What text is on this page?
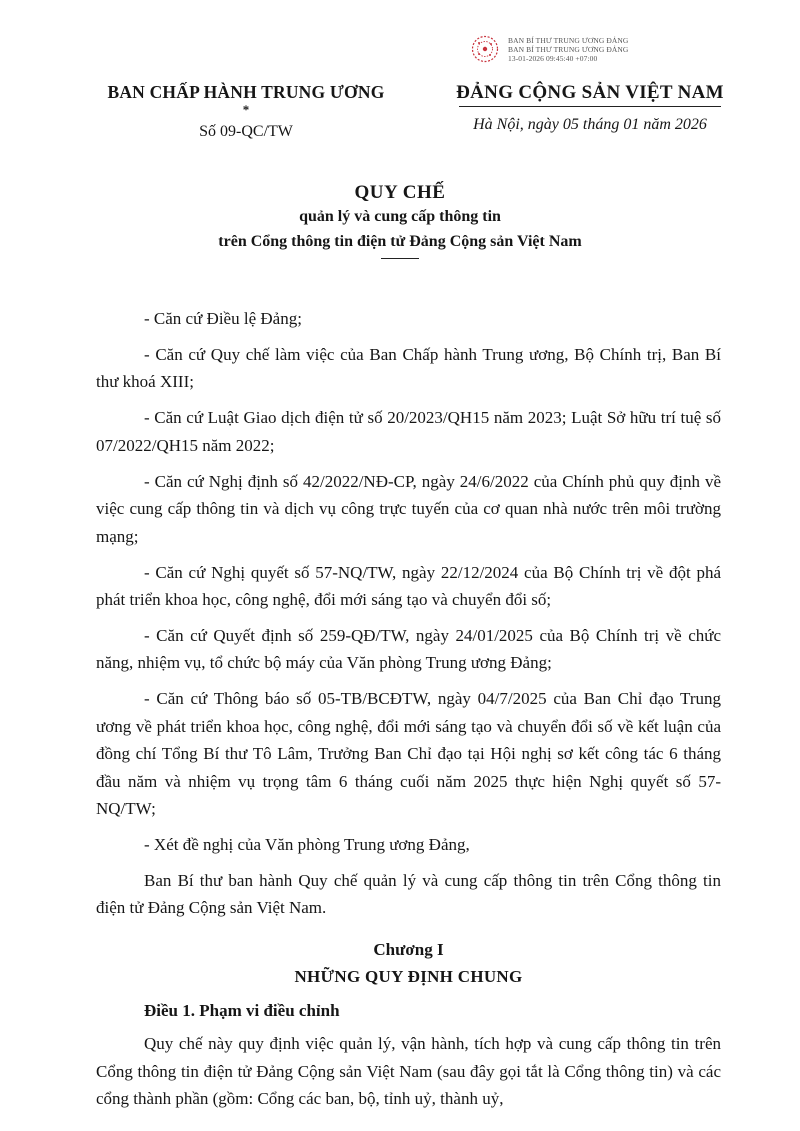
BAN BÍ THƯ TRUNG ƯƠNG ĐẢNG
BAN BÍ THƯ TRUNG ƯƠNG ĐẢNG
13-01-2026 09:45:40 +07:00
BAN CHẤP HÀNH TRUNG ƯƠNG
*
Số 09-QC/TW
ĐẢNG CỘNG SẢN VIỆT NAM
Hà Nội, ngày 05 tháng 01 năm 2026
QUY CHẾ
quản lý và cung cấp thông tin
trên Cổng thông tin điện tử Đảng Cộng sản Việt Nam

- Căn cứ Điều lệ Đảng;

- Căn cứ Quy chế làm việc của Ban Chấp hành Trung ương, Bộ Chính trị, Ban Bí thư khoá XIII;

- Căn cứ Luật Giao dịch điện tử số 20/2023/QH15 năm 2023; Luật Sở hữu trí tuệ số 07/2022/QH15 năm 2022;

- Căn cứ Nghị định số 42/2022/NĐ-CP, ngày 24/6/2022 của Chính phủ quy định về việc cung cấp thông tin và dịch vụ công trực tuyến của cơ quan nhà nước trên môi trường mạng;

- Căn cứ Nghị quyết số 57-NQ/TW, ngày 22/12/2024 của Bộ Chính trị về đột phá phát triển khoa học, công nghệ, đổi mới sáng tạo và chuyển đổi số;

- Căn cứ Quyết định số 259-QĐ/TW, ngày 24/01/2025 của Bộ Chính trị về chức năng, nhiệm vụ, tổ chức bộ máy của Văn phòng Trung ương Đảng;

- Căn cứ Thông báo số 05-TB/BCĐTW, ngày 04/7/2025 của Ban Chỉ đạo Trung ương về phát triển khoa học, công nghệ, đổi mới sáng tạo và chuyển đổi số về kết luận của đồng chí Tổng Bí thư Tô Lâm, Trưởng Ban Chỉ đạo tại Hội nghị sơ kết công tác 6 tháng đầu năm và nhiệm vụ trọng tâm 6 tháng cuối năm 2025 thực hiện Nghị quyết số 57-NQ/TW;

- Xét đề nghị của Văn phòng Trung ương Đảng,

Ban Bí thư ban hành Quy chế quản lý và cung cấp thông tin trên Cổng thông tin điện tử Đảng Cộng sản Việt Nam.

Chương I
NHỮNG QUY ĐỊNH CHUNG
Điều 1. Phạm vi điều chỉnh

Quy chế này quy định việc quản lý, vận hành, tích hợp và cung cấp thông tin trên Cổng thông tin điện tử Đảng Cộng sản Việt Nam (sau đây gọi tắt là Cổng thông tin) và các cổng thành phần (gồm: Cổng các ban, bộ, tỉnh uỷ, thành uỷ,
